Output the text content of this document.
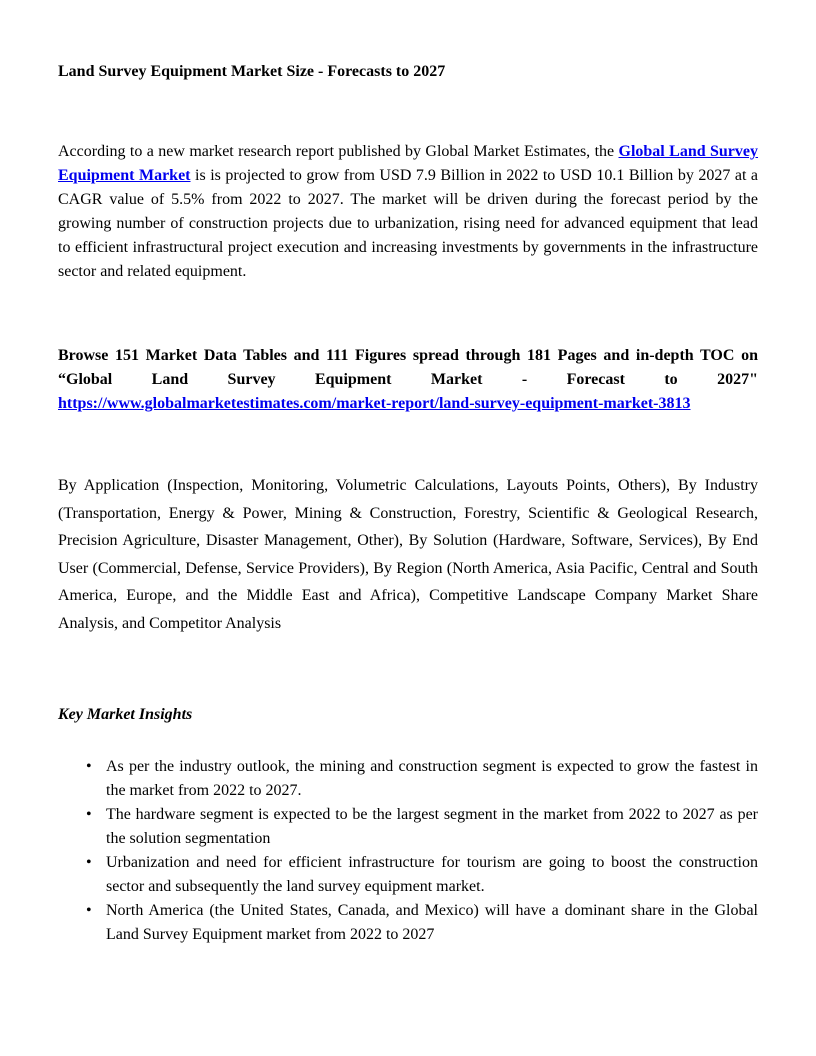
Land Survey Equipment Market Size - Forecasts to 2027

According to a new market research report published by Global Market Estimates, the Global Land Survey Equipment Market is is projected to grow from USD 7.9 Billion in 2022 to USD 10.1 Billion by 2027 at a CAGR value of 5.5% from 2022 to 2027. The market will be driven during the forecast period by the growing number of construction projects due to urbanization, rising need for advanced equipment that lead to efficient infrastructural project execution and increasing investments by governments in the infrastructure sector and related equipment.

Browse 151 Market Data Tables and 111 Figures spread through 181 Pages and in-depth TOC on “Global Land Survey Equipment Market - Forecast to 2027" https://www.globalmarketestimates.com/market-report/land-survey-equipment-market-3813

By Application (Inspection, Monitoring, Volumetric Calculations, Layouts Points, Others), By Industry (Transportation, Energy & Power, Mining & Construction, Forestry, Scientific & Geological Research, Precision Agriculture, Disaster Management, Other), By Solution (Hardware, Software, Services), By End User (Commercial, Defense, Service Providers), By Region (North America, Asia Pacific, Central and South America, Europe, and the Middle East and Africa), Competitive Landscape Company Market Share Analysis, and Competitor Analysis

Key Market Insights
• As per the industry outlook, the mining and construction segment is expected to grow the fastest in the market from 2022 to 2027.
• The hardware segment is expected to be the largest segment in the market from 2022 to 2027 as per the solution segmentation
• Urbanization and need for efficient infrastructure for tourism are going to boost the construction sector and subsequently the land survey equipment market.
• North America (the United States, Canada, and Mexico) will have a dominant share in the Global Land Survey Equipment market from 2022 to 2027
